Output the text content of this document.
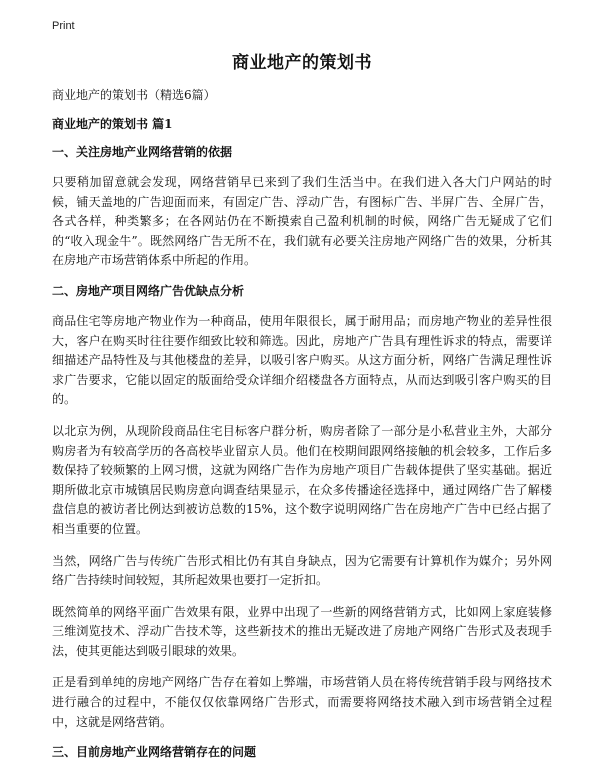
Print
商业地产的策划书

商业地产的策划书（精选6篇）

商业地产的策划书 篇1

一、关注房地产业网络营销的依据

只要稍加留意就会发现，网络营销早已来到了我们生活当中。在我们进入各大门户网站的时候，铺天盖地的广告迎面而来，有固定广告、浮动广告，有图标广告、半屏广告、全屏广告，各式各样，种类繁多；在各网站仍在不断摸索自己盈利机制的时候，网络广告无疑成了它们的“收入现金牛”。既然网络广告无所不在，我们就有必要关注房地产网络广告的效果，分析其在房地产市场营销体系中所起的作用。

二、房地产项目网络广告优缺点分析

商品住宅等房地产物业作为一种商品，使用年限很长，属于耐用品；而房地产物业的差异性很大，客户在购买时往往要作细致比较和筛选。因此，房地产广告具有理性诉求的特点，需要详细描述产品特性及与其他楼盘的差异，以吸引客户购买。从这方面分析，网络广告满足理性诉求广告要求，它能以固定的版面给受众详细介绍楼盘各方面特点，从而达到吸引客户购买的目的。

以北京为例，从现阶段商品住宅目标客户群分析，购房者除了一部分是小私营业主外，大部分购房者为有较高学历的各高校毕业留京人员。他们在校期间跟网络接触的机会较多，工作后多数保持了较频繁的上网习惯，这就为网络广告作为房地产项目广告载体提供了坚实基础。据近期所做北京市城镇居民购房意向调查结果显示，在众多传播途径选择中，通过网络广告了解楼盘信息的被访者比例达到被访总数的15%，这个数字说明网络广告在房地产广告中已经占据了相当重要的位置。

当然，网络广告与传统广告形式相比仍有其自身缺点，因为它需要有计算机作为媒介；另外网络广告持续时间较短，其所起效果也要打一定折扣。

既然简单的网络平面广告效果有限，业界中出现了一些新的网络营销方式，比如网上家庭装修三维浏览技术、浮动广告技术等，这些新技术的推出无疑改进了房地产网络广告形式及表现手法，使其更能达到吸引眼球的效果。

正是看到单纯的房地产网络广告存在着如上弊端，市场营销人员在将传统营销手段与网络技术进行融合的过程中，不能仅仅依靠网络广告形式，而需要将网络技术融入到市场营销全过程中，这就是网络营销。

三、目前房地产业网络营销存在的问题
